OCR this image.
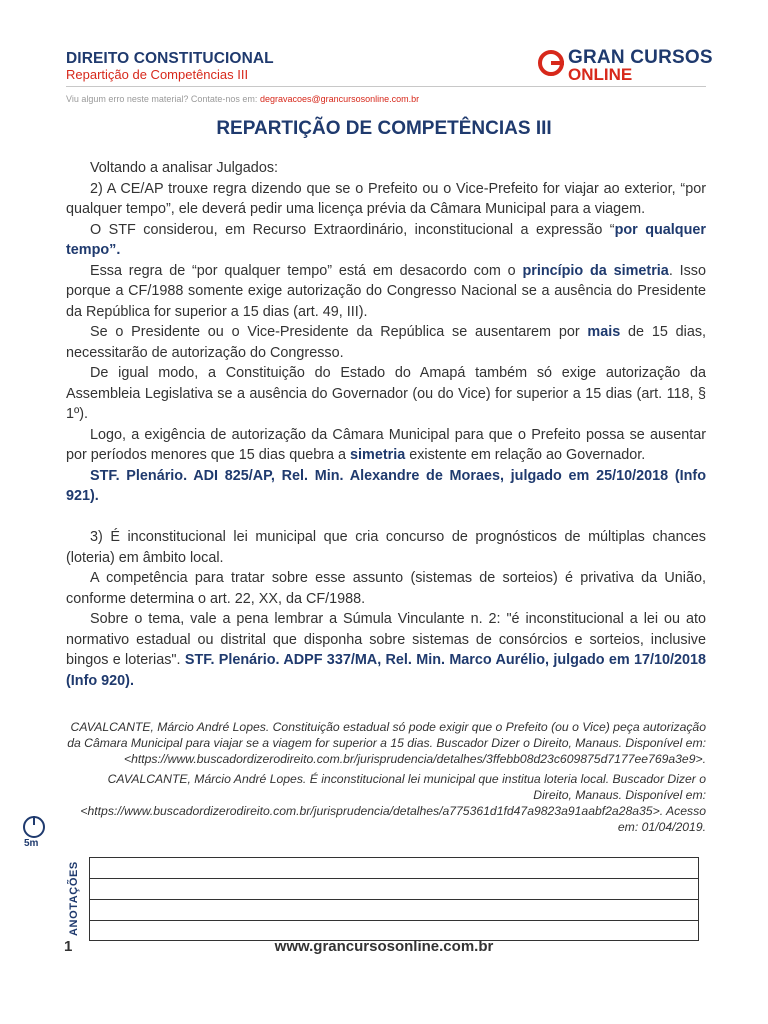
DIREITO CONSTITUCIONAL
Repartição de Competências III
GRAN CURSOS
ONLINE
Viu algum erro neste material? Contate-nos em: degravacoes@grancursosonline.com.br
REPARTIÇÃO DE COMPETÊNCIAS III

Voltando a analisar Julgados:

2) A CE/AP trouxe regra dizendo que se o Prefeito ou o Vice-Prefeito for viajar ao exterior, “por qualquer tempo”, ele deverá pedir uma licença prévia da Câmara Municipal para a viagem.

O STF considerou, em Recurso Extraordinário, inconstitucional a expressão “por qualquer tempo”.

Essa regra de “por qualquer tempo” está em desacordo com o princípio da simetria. Isso porque a CF/1988 somente exige autorização do Congresso Nacional se a ausência do Presidente da República for superior a 15 dias (art. 49, III).

Se o Presidente ou o Vice-Presidente da República se ausentarem por mais de 15 dias, necessitarão de autorização do Congresso.

De igual modo, a Constituição do Estado do Amapá também só exige autorização da Assembleia Legislativa se a ausência do Governador (ou do Vice) for superior a 15 dias (art. 118, § 1º).

Logo, a exigência de autorização da Câmara Municipal para que o Prefeito possa se ausentar por períodos menores que 15 dias quebra a simetria existente em relação ao Governador.

STF. Plenário. ADI 825/AP, Rel. Min. Alexandre de Moraes, julgado em 25/10/2018 (Info 921).

3) É inconstitucional lei municipal que cria concurso de prognósticos de múltiplas chances (loteria) em âmbito local.

A competência para tratar sobre esse assunto (sistemas de sorteios) é privativa da União, conforme determina o art. 22, XX, da CF/1988.

Sobre o tema, vale a pena lembrar a Súmula Vinculante n. 2: "é inconstitucional a lei ou ato normativo estadual ou distrital que disponha sobre sistemas de consórcios e sorteios, inclusive bingos e loterias". STF. Plenário. ADPF 337/MA, Rel. Min. Marco Aurélio, julgado em 17/10/2018 (Info 920).

CAVALCANTE, Márcio André Lopes. Constituição estadual só pode exigir que o Prefeito (ou o Vice) peça autorização da Câmara Municipal para viajar se a viagem for superior a 15 dias. Buscador Dizer o Direito, Manaus. Disponível em: <https://www.buscadordizerodireito.com.br/jurisprudencia/detalhes/3ffebb08d23c609875d7177ee769a3e9>.

CAVALCANTE, Márcio André Lopes. É inconstitucional lei municipal que institua loteria local. Buscador Dizer o Direito, Manaus. Disponível em: <https://www.buscadordizerodireito.com.br/jurisprudencia/detalhes/a775361d1fd47a9823a91aabf2a28a35>. Acesso em: 01/04/2019.

5m
ANOTAÇÕES
1	www.grancursosonline.com.br
